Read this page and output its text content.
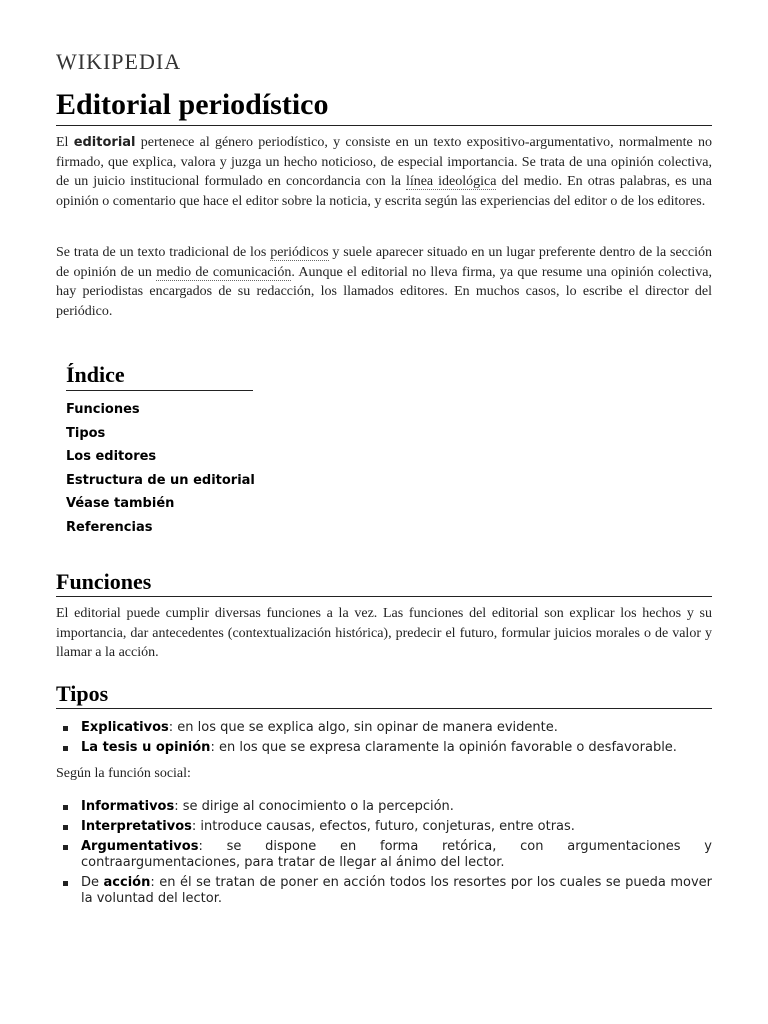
WIKIPEDIA
Editorial periodístico

El editorial pertenece al género periodístico, y consiste en un texto expositivo-argumentativo, normalmente no firmado, que explica, valora y juzga un hecho noticioso, de especial importancia. Se trata de una opinión colectiva, de un juicio institucional formulado en concordancia con la línea ideológica del medio. En otras palabras, es una opinión o comentario que hace el editor sobre la noticia, y escrita según las experiencias del editor o de los editores.

Se trata de un texto tradicional de los periódicos y suele aparecer situado en un lugar preferente dentro de la sección de opinión de un medio de comunicación. Aunque el editorial no lleva firma, ya que resume una opinión colectiva, hay periodistas encargados de su redacción, los llamados editores. En muchos casos, lo escribe el director del periódico.

Índice
Funciones
Tipos
Los editores
Estructura de un editorial
Véase también
Referencias
Funciones

El editorial puede cumplir diversas funciones a la vez. Las funciones del editorial son explicar los hechos y su importancia, dar antecedentes (contextualización histórica), predecir el futuro, formular juicios morales o de valor y llamar a la acción.

Tipos
Explicativos: en los que se explica algo, sin opinar de manera evidente.
La tesis u opinión: en los que se expresa claramente la opinión favorable o desfavorable.

Según la función social:

Informativos: se dirige al conocimiento o la percepción.
Interpretativos: introduce causas, efectos, futuro, conjeturas, entre otras.
Argumentativos: se dispone en forma retórica, con argumentaciones y contraargumentaciones, para tratar de llegar al ánimo del lector.
De acción: en él se tratan de poner en acción todos los resortes por los cuales se pueda mover la voluntad del lector.
